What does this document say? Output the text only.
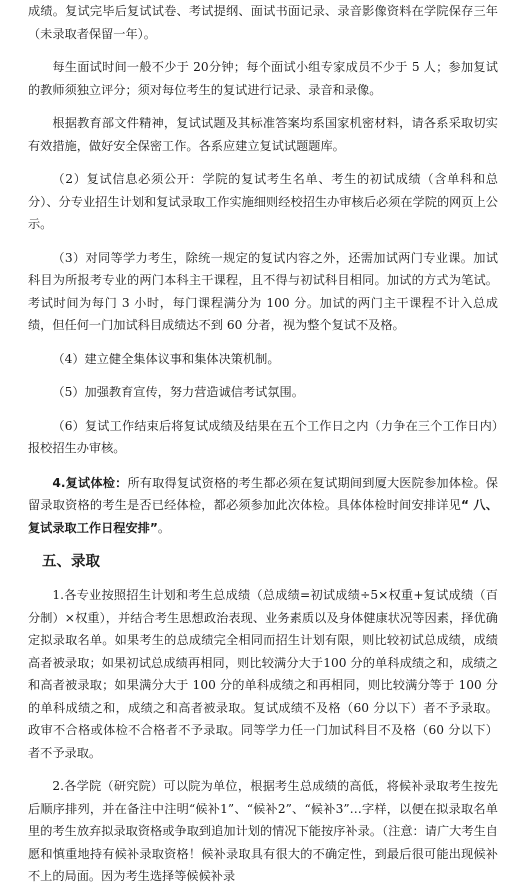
成绩。复试完毕后复试试卷、考试提纲、面试书面记录、录音影像资料在学院保存三年（未录取者保留一年）。

每生面试时间一般不少于 20分钟；每个面试小组专家成员不少于 5 人；参加复试的教师须独立评分；须对每位考生的复试进行记录、录音和录像。

根据教育部文件精神，复试试题及其标准答案均系国家机密材料，请各系采取切实有效措施，做好安全保密工作。各系应建立复试试题题库。

（2）复试信息必须公开：学院的复试考生名单、考生的初试成绩（含单科和总分）、分专业招生计划和复试录取工作实施细则经校招生办审核后必须在学院的网页上公示。

（3）对同等学力考生，除统一规定的复试内容之外，还需加试两门专业课。加试科目为所报考专业的两门本科主干课程，且不得与初试科目相同。加试的方式为笔试。考试时间为每门 3 小时，每门课程满分为 100 分。加试的两门主干课程不计入总成绩，但任何一门加试科目成绩达不到 60 分者，视为整个复试不及格。

（4）建立健全集体议事和集体决策机制。

（5）加强教育宣传，努力营造诚信考试氛围。

（6）复试工作结束后将复试成绩及结果在五个工作日之内（力争在三个工作日内）报校招生办审核。

4.复试体检：所有取得复试资格的考生都必须在复试期间到厦大医院参加体检。保留录取资格的考生是否已经体检，都必须参加此次体检。具体体检时间安排详见“ 八、复试录取工作日程安排”。

五、录取

1.各专业按照招生计划和考生总成绩（总成绩=初试成绩÷5×权重+复试成绩（百分制）×权重），并结合考生思想政治表现、业务素质以及身体健康状况等因素，择优确定拟录取名单。如果考生的总成绩完全相同而招生计划有限，则比较初试总成绩，成绩高者被录取；如果初试总成绩再相同，则比较满分大于100 分的单科成绩之和，成绩之和高者被录取；如果满分大于 100 分的单科成绩之和再相同，则比较满分等于 100 分的单科成绩之和，成绩之和高者被录取。复试成绩不及格（60 分以下）者不予录取。政审不合格或体检不合格者不予录取。同等学力任一门加试科目不及格（60 分以下）者不予录取。

2.各学院（研究院）可以院为单位，根据考生总成绩的高低，将候补录取考生按先后顺序排列，并在备注中注明“候补1”、“候补2”、“候补3”…字样，以便在拟录取名单里的考生放弃拟录取资格或争取到追加计划的情况下能按序补录。（注意：请广大考生自愿和慎重地持有候补录取资格！候补录取具有很大的不确定性，到最后很可能出现候补不上的局面。因为考生选择等候候补录
